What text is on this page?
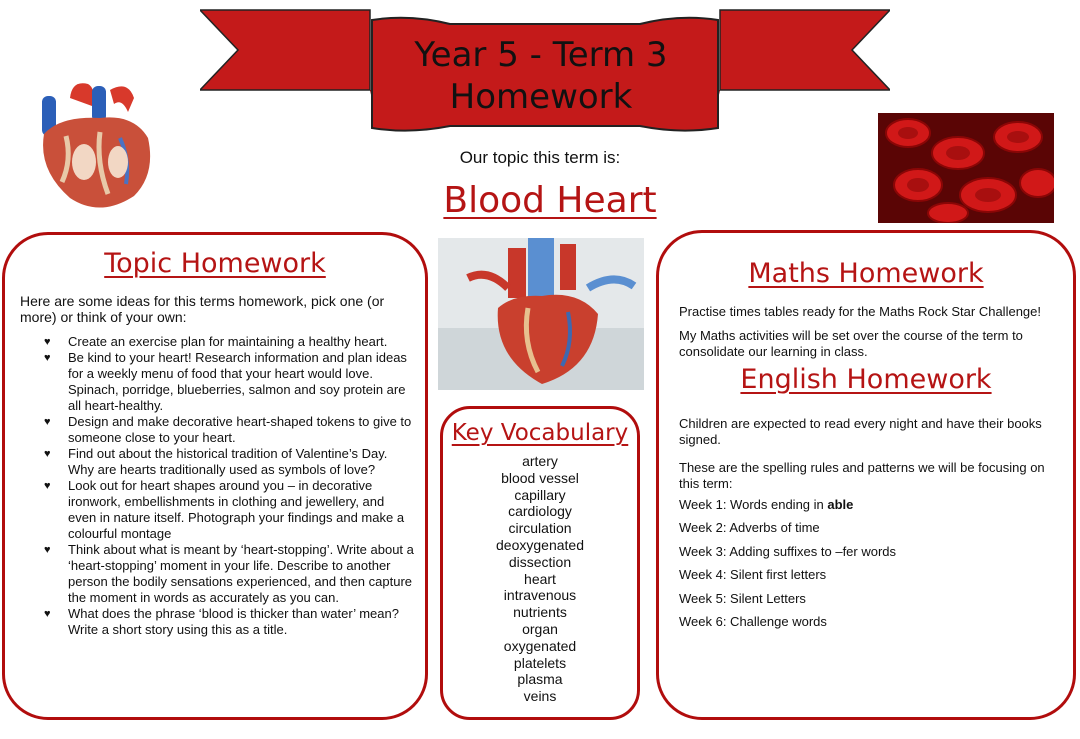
Year 5 - Term 3
Homework
Our topic this term is:
Blood Heart
Topic Homework
Here are some ideas for this terms homework, pick one (or more) or think of your own:
♥ Create an exercise plan for maintaining a healthy heart.
♥ Be kind to your heart! Research information and plan ideas for a weekly menu of food that your heart would love. Spinach, porridge, blueberries, salmon and soy protein are all heart-healthy.
♥ Design and make decorative heart-shaped tokens to give to someone close to your heart.
♥ Find out about the historical tradition of Valentine’s Day. Why are hearts traditionally used as symbols of love?
♥ Look out for heart shapes around you – in decorative ironwork, embellishments in clothing and jewellery, and even in nature itself. Photograph your findings and make a colourful montage
♥ Think about what is meant by ‘heart-stopping’. Write about a ‘heart-stopping’ moment in your life. Describe to another person the bodily sensations experienced, and then capture the moment in words as accurately as you can.
♥ What does the phrase ‘blood is thicker than water’ mean? Write a short story using this as a title.
Key Vocabulary
artery
blood vessel
capillary
cardiology
circulation
deoxygenated
dissection
heart
intravenous
nutrients
organ
oxygenated
platelets
plasma
veins
Maths Homework
Practise times tables ready for the Maths Rock Star Challenge!
My Maths activities will be set over the course of the term to consolidate our learning in class.
English Homework
Children are expected to read every night and have their books signed.
These are the spelling rules and patterns we will be focusing on this term:
Week 1: Words ending in able
Week 2: Adverbs of time
Week 3: Adding suffixes to –fer words
Week 4: Silent first letters
Week 5: Silent Letters
Week 6: Challenge words
